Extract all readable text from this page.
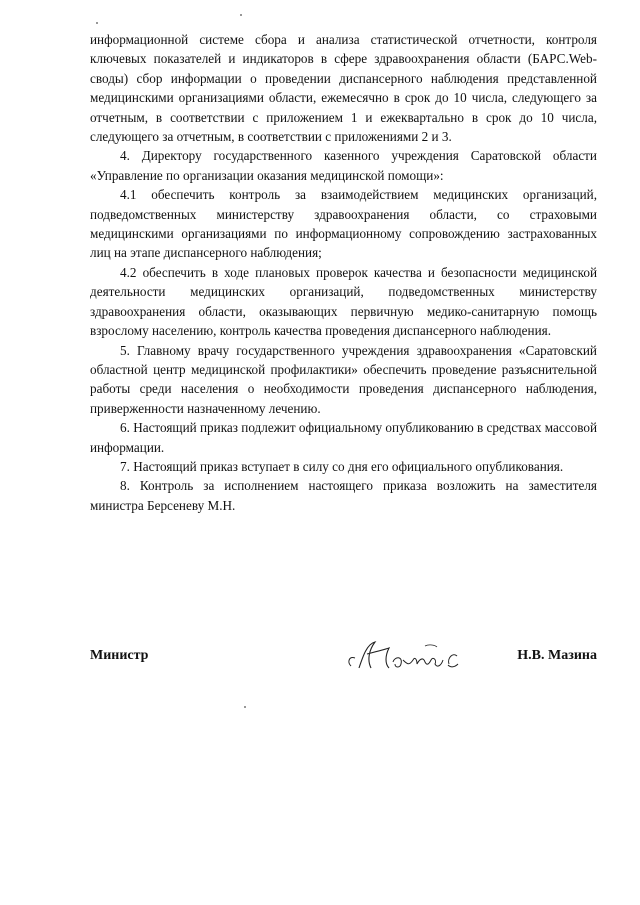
информационной системе сбора и анализа статистической отчетности, контроля ключевых показателей и индикаторов в сфере здравоохранения области (БАРС.Web-своды) сбор информации о проведении диспансерного наблюдения представленной медицинскими организациями области, ежемесячно в срок до 10 числа, следующего за отчетным, в соответствии с приложением 1 и ежеквартально в срок до 10 числа, следующего за отчетным, в соответствии с приложениями 2 и 3.

4. Директору государственного казенного учреждения Саратовской области «Управление по организации оказания медицинской помощи»:

4.1 обеспечить контроль за взаимодействием медицинских организаций, подведомственных министерству здравоохранения области, со страховыми медицинскими организациями по информационному сопровождению застрахованных лиц на этапе диспансерного наблюдения;

4.2 обеспечить в ходе плановых проверок качества и безопасности медицинской деятельности медицинских организаций, подведомственных министерству здравоохранения области, оказывающих первичную медико-санитарную помощь взрослому населению, контроль качества проведения диспансерного наблюдения.

5. Главному врачу государственного учреждения здравоохранения «Саратовский областной центр медицинской профилактики» обеспечить проведение разъяснительной работы среди населения о необходимости проведения диспансерного наблюдения, приверженности назначенному лечению.

6. Настоящий приказ подлежит официальному опубликованию в средствах массовой информации.

7. Настоящий приказ вступает в силу со дня его официального опубликования.

8. Контроль за исполнением настоящего приказа возложить на заместителя министра Берсеневу М.Н.

Министр	Н.В. Мазина
